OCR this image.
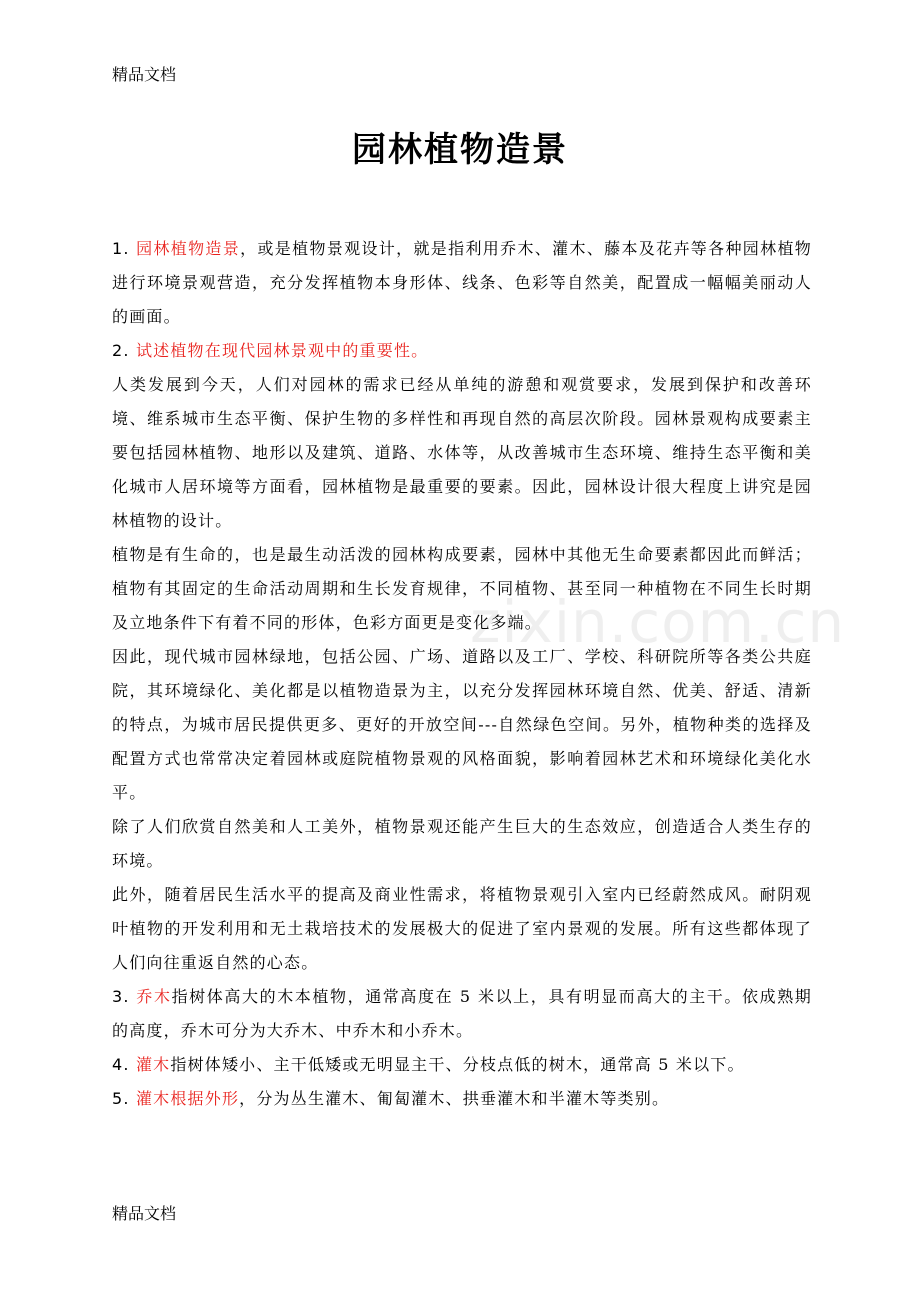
精品文档
园林植物造景
zixin.com.cn

1. 园林植物造景，或是植物景观设计，就是指利用乔木、灌木、藤本及花卉等各种园林植物进行环境景观营造，充分发挥植物本身形体、线条、色彩等自然美，配置成一幅幅美丽动人的画面。

2. 试述植物在现代园林景观中的重要性。

人类发展到今天，人们对园林的需求已经从单纯的游憩和观赏要求，发展到保护和改善环境、维系城市生态平衡、保护生物的多样性和再现自然的高层次阶段。园林景观构成要素主要包括园林植物、地形以及建筑、道路、水体等，从改善城市生态环境、维持生态平衡和美化城市人居环境等方面看，园林植物是最重要的要素。因此，园林设计很大程度上讲究是园林植物的设计。

植物是有生命的，也是最生动活泼的园林构成要素，园林中其他无生命要素都因此而鲜活；植物有其固定的生命活动周期和生长发育规律，不同植物、甚至同一种植物在不同生长时期及立地条件下有着不同的形体，色彩方面更是变化多端。

因此，现代城市园林绿地，包括公园、广场、道路以及工厂、学校、科研院所等各类公共庭院，其环境绿化、美化都是以植物造景为主，以充分发挥园林环境自然、优美、舒适、清新的特点，为城市居民提供更多、更好的开放空间---自然绿色空间。另外，植物种类的选择及配置方式也常常决定着园林或庭院植物景观的风格面貌，影响着园林艺术和环境绿化美化水平。

除了人们欣赏自然美和人工美外，植物景观还能产生巨大的生态效应，创造适合人类生存的环境。

此外，随着居民生活水平的提高及商业性需求，将植物景观引入室内已经蔚然成风。耐阴观叶植物的开发利用和无土栽培技术的发展极大的促进了室内景观的发展。所有这些都体现了人们向往重返自然的心态。

3. 乔木指树体高大的木本植物，通常高度在 5 米以上，具有明显而高大的主干。依成熟期的高度，乔木可分为大乔木、中乔木和小乔木。

4. 灌木指树体矮小、主干低矮或无明显主干、分枝点低的树木，通常高 5 米以下。

5. 灌木根据外形，分为丛生灌木、匍匐灌木、拱垂灌木和半灌木等类别。

精品文档
